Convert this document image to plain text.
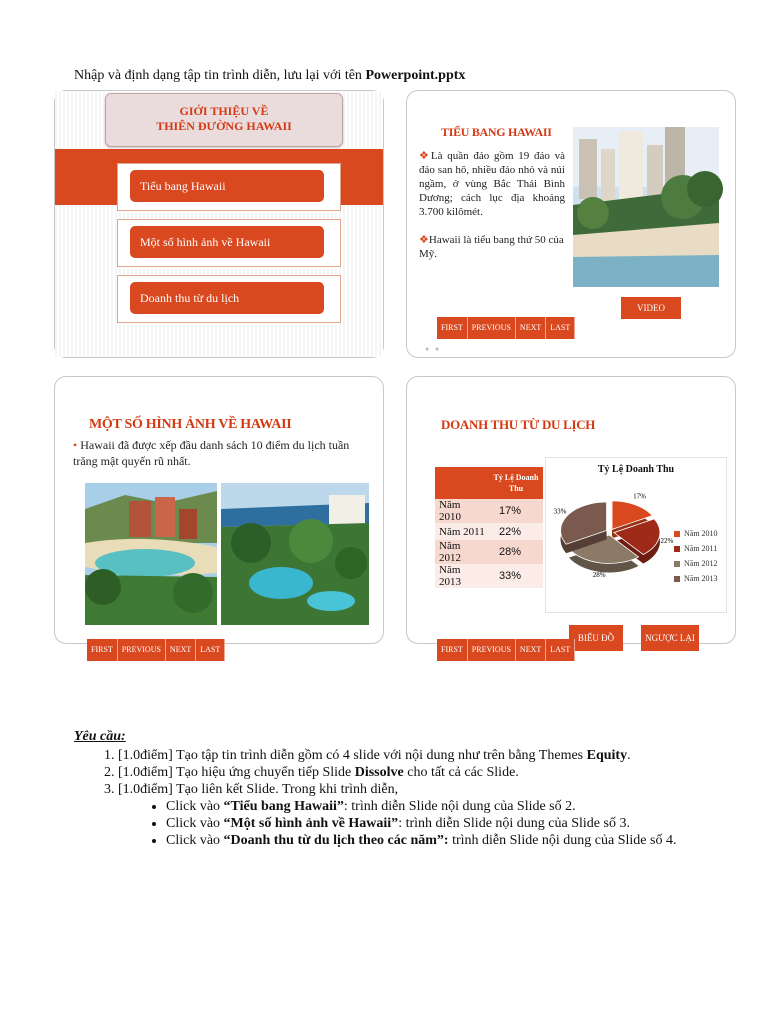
Nhập và định dạng tập tin trình diễn, lưu lại với tên Powerpoint.pptx
GIỚI THIỆU VỀ
THIÊN ĐƯỜNG HAWAII
Tiểu bang Hawaii
Một số hình ảnh về Hawaii
Doanh thu từ du lịch
TIỂU BANG HAWAII
❖Là quần đảo gồm 19 đảo và đảo san hô, nhiều đảo nhỏ và núi ngầm, ở vùng Bắc Thái Bình Dương; cách lục địa khoảng 3.700 kilômét.
❖Hawaii là tiểu bang thứ 50 của Mỹ.
VIDEO
FIRST	PREVIOUS	NEXT	LAST
● ●
MỘT SỐ HÌNH ẢNH VỀ HAWAII
• Hawaii đã được xếp đầu danh sách 10 điểm du lịch tuần trăng mật quyến rũ nhất.
FIRST	PREVIOUS	NEXT	LAST
DOANH THU TỪ DU LỊCH
	Tỷ Lệ Doanh Thu
Năm 2010	17%
Năm 2011	22%
Năm 2012	28%
Năm 2013	33%
Tỷ Lệ Doanh Thu
17%
22%
28%
33%
Năm 2010
Năm 2011
Năm 2012
Năm 2013
BIỂU ĐỒ	NGƯỢC LẠI
FIRST	PREVIOUS	NEXT	LAST
Yêu cầu:
1. [1.0điểm] Tạo tập tin trình diễn gồm có 4 slide với nội dung như trên bằng Themes Equity.
2. [1.0điểm] Tạo hiệu ứng chuyển tiếp Slide Dissolve cho tất cả các Slide.
3. [1.0điểm] Tạo liên kết Slide. Trong khi trình diễn,
• Click vào “Tiểu bang Hawaii”: trình diễn Slide nội dung của Slide số 2.
• Click vào “Một số hình ảnh về Hawaii”: trình diễn Slide nội dung của Slide số 3.
• Click vào “Doanh thu từ du lịch theo các năm”: trình diễn Slide nội dung của Slide số 4.
